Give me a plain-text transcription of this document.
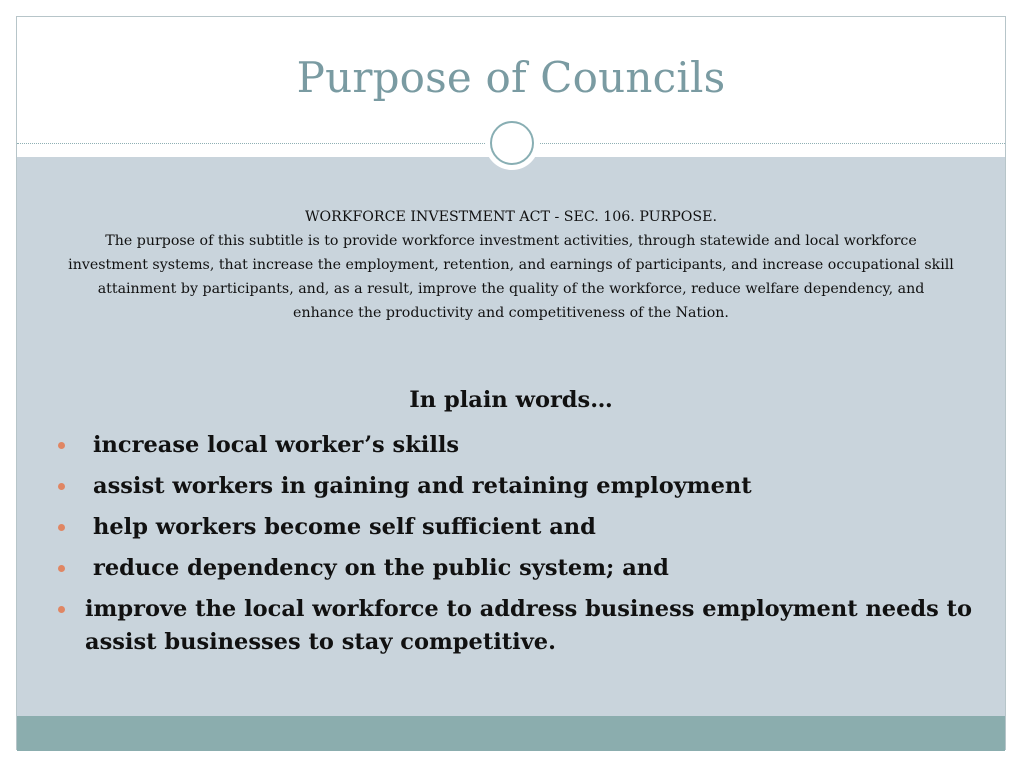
Purpose of Councils
WORKFORCE INVESTMENT ACT - SEC. 106. PURPOSE.
The purpose of this subtitle is to provide workforce investment activities, through statewide and local workforce investment systems, that increase the employment, retention, and earnings of participants, and increase occupational skill attainment by participants, and, as a result, improve the quality of the workforce, reduce welfare dependency, and enhance the productivity and competitiveness of the Nation.
In plain words…
increase local worker’s skills
assist workers in gaining and retaining employment
help workers become self sufficient and
reduce dependency on the public system; and
improve the local workforce to address business employment needs to assist businesses to stay competitive.
